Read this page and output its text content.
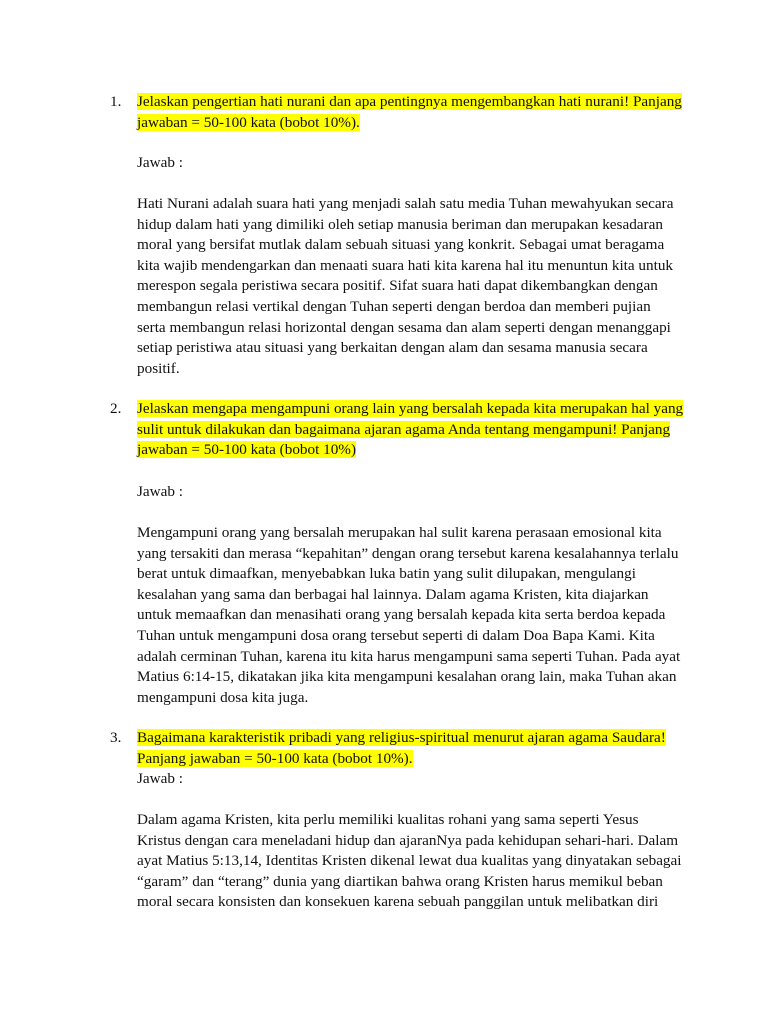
1. Jelaskan pengertian hati nurani dan apa pentingnya mengembangkan hati nurani! Panjang
jawaban = 50-100 kata (bobot 10%).
Jawab :
Hati Nurani adalah suara hati yang menjadi salah satu media Tuhan mewahyukan secara
hidup dalam hati yang dimiliki oleh setiap manusia beriman dan merupakan kesadaran
moral yang bersifat mutlak dalam sebuah situasi yang konkrit. Sebagai umat beragama
kita wajib mendengarkan dan menaati suara hati kita karena hal itu menuntun kita untuk
merespon segala peristiwa secara positif. Sifat suara hati dapat dikembangkan dengan
membangun relasi vertikal dengan Tuhan seperti dengan berdoa dan memberi pujian
serta membangun relasi horizontal dengan sesama dan alam seperti dengan menanggapi
setiap peristiwa atau situasi yang berkaitan dengan alam dan sesama manusia secara
positif.
2. Jelaskan mengapa mengampuni orang lain yang bersalah kepada kita merupakan hal yang
sulit untuk dilakukan dan bagaimana ajaran agama Anda tentang mengampuni! Panjang
jawaban = 50-100 kata (bobot 10%)
Jawab :
Mengampuni orang yang bersalah merupakan hal sulit karena perasaan emosional kita
yang tersakiti dan merasa “kepahitan” dengan orang tersebut karena kesalahannya terlalu
berat untuk dimaafkan, menyebabkan luka batin yang sulit dilupakan, mengulangi
kesalahan yang sama dan berbagai hal lainnya. Dalam agama Kristen, kita diajarkan
untuk memaafkan dan menasihati orang yang bersalah kepada kita serta berdoa kepada
Tuhan untuk mengampuni dosa orang tersebut seperti di dalam Doa Bapa Kami. Kita
adalah cerminan Tuhan, karena itu kita harus mengampuni sama seperti Tuhan. Pada ayat
Matius 6:14-15, dikatakan jika kita mengampuni kesalahan orang lain, maka Tuhan akan
mengampuni dosa kita juga.
3. Bagaimana karakteristik pribadi yang religius-spiritual menurut ajaran agama Saudara!
Panjang jawaban = 50-100 kata (bobot 10%).
Jawab :
Dalam agama Kristen, kita perlu memiliki kualitas rohani yang sama seperti Yesus
Kristus dengan cara meneladani hidup dan ajaranNya pada kehidupan sehari-hari. Dalam
ayat Matius 5:13,14, Identitas Kristen dikenal lewat dua kualitas yang dinyatakan sebagai
“garam” dan “terang” dunia yang diartikan bahwa orang Kristen harus memikul beban
moral secara konsisten dan konsekuen karena sebuah panggilan untuk melibatkan diri
